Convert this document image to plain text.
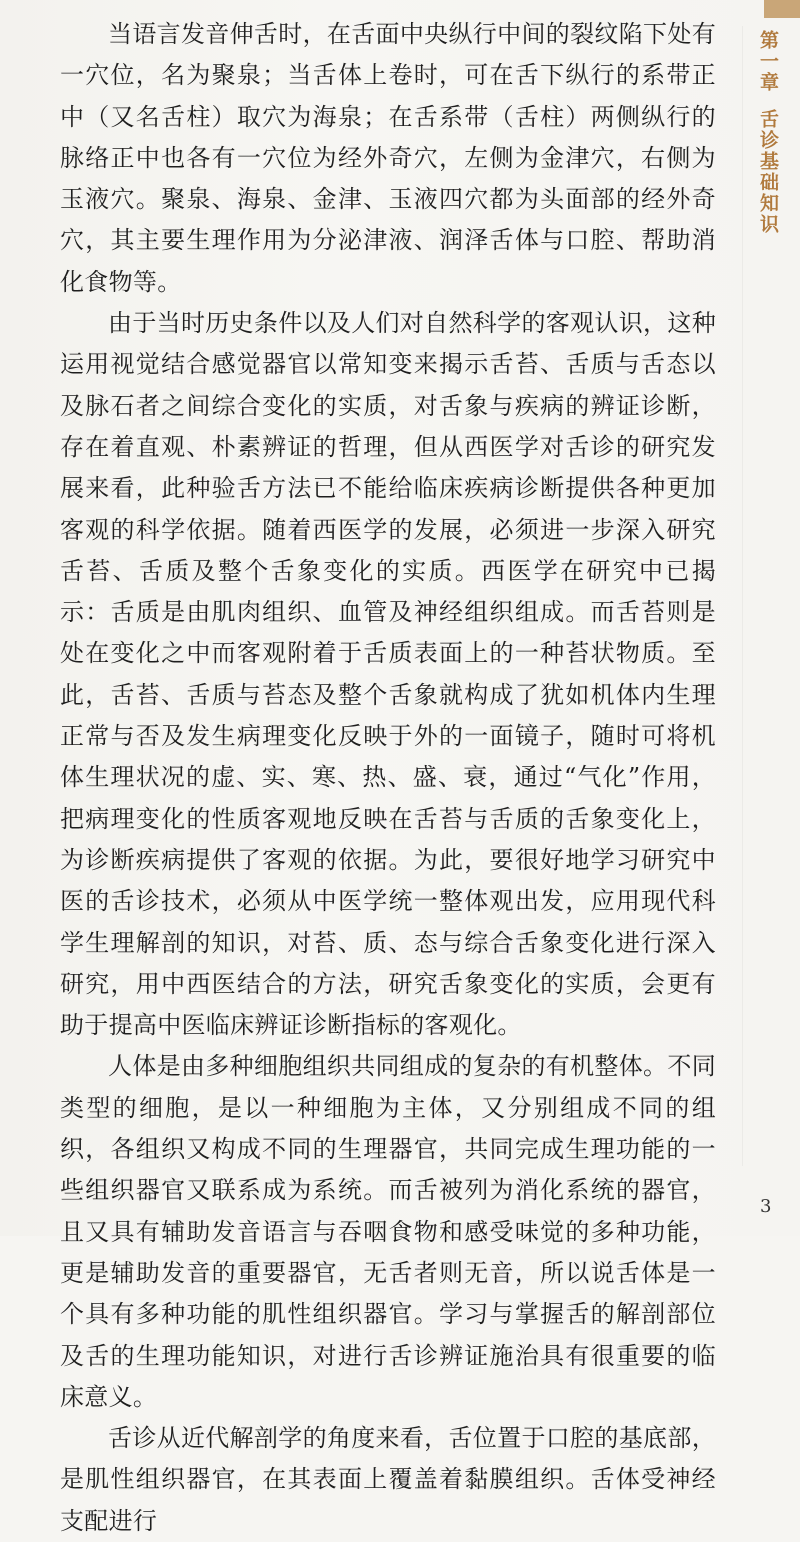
当语言发音伸舌时，在舌面中央纵行中间的裂纹陷下处有一穴位，名为聚泉；当舌体上卷时，可在舌下纵行的系带正中（又名舌柱）取穴为海泉；在舌系带（舌柱）两侧纵行的脉络正中也各有一穴位为经外奇穴，左侧为金津穴，右侧为玉液穴。聚泉、海泉、金津、玉液四穴都为头面部的经外奇穴，其主要生理作用为分泌津液、润泽舌体与口腔、帮助消化食物等。

由于当时历史条件以及人们对自然科学的客观认识，这种运用视觉结合感觉器官以常知变来揭示舌苔、舌质与舌态以及脉石者之间综合变化的实质，对舌象与疾病的辨证诊断，存在着直观、朴素辨证的哲理，但从西医学对舌诊的研究发展来看，此种验舌方法已不能给临床疾病诊断提供各种更加客观的科学依据。随着西医学的发展，必须进一步深入研究舌苔、舌质及整个舌象变化的实质。西医学在研究中已揭示：舌质是由肌肉组织、血管及神经组织组成。而舌苔则是处在变化之中而客观附着于舌质表面上的一种苔状物质。至此，舌苔、舌质与苔态及整个舌象就构成了犹如机体内生理正常与否及发生病理变化反映于外的一面镜子，随时可将机体生理状况的虚、实、寒、热、盛、衰，通过“气化”作用，把病理变化的性质客观地反映在舌苔与舌质的舌象变化上，为诊断疾病提供了客观的依据。为此，要很好地学习研究中医的舌诊技术，必须从中医学统一整体观出发，应用现代科学生理解剖的知识，对苔、质、态与综合舌象变化进行深入研究，用中西医结合的方法，研究舌象变化的实质，会更有助于提高中医临床辨证诊断指标的客观化。

人体是由多种细胞组织共同组成的复杂的有机整体。不同类型的细胞，是以一种细胞为主体，又分别组成不同的组织，各组织又构成不同的生理器官，共同完成生理功能的一些组织器官又联系成为系统。而舌被列为消化系统的器官，且又具有辅助发音语言与吞咽食物和感受味觉的多种功能，更是辅助发音的重要器官，无舌者则无音，所以说舌体是一个具有多种功能的肌性组织器官。学习与掌握舌的解剖部位及舌的生理功能知识，对进行舌诊辨证施治具有很重要的临床意义。

舌诊从近代解剖学的角度来看，舌位置于口腔的基底部，是肌性组织器官，在其表面上覆盖着黏膜组织。舌体受神经支配进行

第一章舌诊基础知识
3
